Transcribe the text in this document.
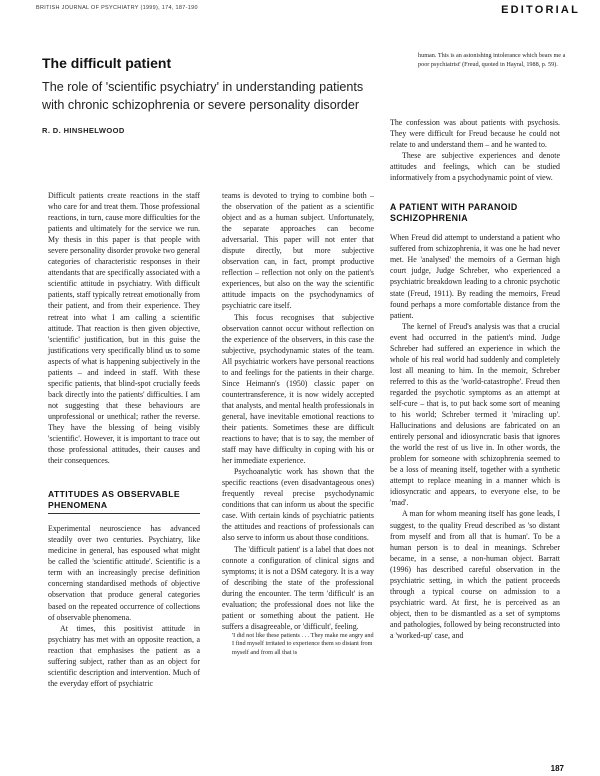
BRITISH JOURNAL OF PSYCHIATRY (1999), 174, 187-190	EDITORIAL
The difficult patient
The role of 'scientific psychiatry' in understanding patients with chronic schizophrenia or severe personality disorder
R. D. HINSHELWOOD
human. This is an astonishing intolerance which bears me a poor psychiatrist' (Freud, quoted in Hayral, 1988, p. 59).

Difficult patients create reactions in the staff who care for and treat them. Those professional reactions, in turn, cause more difficulties for the patients and ultimately for the service we run. My thesis in this paper is that people with severe personality disorder provoke two general categories of characteristic responses in their attendants that are specifically associated with a scientific attitude in psychiatry. With difficult patients, staff typically retreat emotionally from their patient, and from their experience. They retreat into what I am calling a scientific attitude. That reaction is then given objective, 'scientific' justification, but in this guise the justifications very specifically blind us to some aspects of what is happening subjectively in the patients – and indeed in staff. With these specific patients, that blind-spot crucially feeds back directly into the patients' difficulties. I am not suggesting that these behaviours are unprofessional or unethical; rather the reverse. They have the blessing of being visibly 'scientific'. However, it is important to trace out those professional attitudes, their causes and their consequences.

ATTITUDES AS OBSERVABLE PHENOMENA

Experimental neuroscience has advanced steadily over two centuries. Psychiatry, like medicine in general, has espoused what might be called the 'scientific attitude'. Scientific is a term with an increasingly precise definition concerning standardised methods of objective observation that produce general categories based on the repeated occurrence of collections of observable phenomena.

At times, this positivist attitude in psychiatry has met with an opposite reaction, a reaction that emphasises the patient as a suffering subject, rather than as an object for scientific description and intervention. Much of the everyday effort of psychiatric

teams is devoted to trying to combine both – the observation of the patient as a scientific object and as a human subject. Unfortunately, the separate approaches can become adversarial. This paper will not enter that dispute directly, but more subjective observation can, in fact, prompt productive reflection – reflection not only on the patient's experiences, but also on the way the scientific attitude impacts on the psychodynamics of psychiatric care itself.

This focus recognises that subjective observation cannot occur without reflection on the experience of the observers, in this case the subjective, psychodynamic states of the team. All psychiatric workers have personal reactions to and feelings for the patients in their charge. Since Heimann's (1950) classic paper on countertransference, it is now widely accepted that analysts, and mental health professionals in general, have inevitable emotional reactions to their patients. Sometimes these are difficult reactions to have; that is to say, the member of staff may have difficulty in coping with his or her immediate experience.

Psychoanalytic work has shown that the specific reactions (even disadvantageous ones) frequently reveal precise psychodynamic conditions that can inform us about the specific case. With certain kinds of psychiatric patients the attitudes and reactions of professionals can also serve to inform us about those conditions.

The 'difficult patient' is a label that does not connote a configuration of clinical signs and symptoms; it is not a DSM category. It is a way of describing the state of the professional during the encounter. The term 'difficult' is an evaluation; the professional does not like the patient or something about the patient. He suffers a disagreeable, or 'difficult', feeling.

'I did not like these patients . . . They make me angry and I find myself irritated to experience them so distant from myself and from all that is

The confession was about patients with psychosis. They were difficult for Freud because he could not relate to and understand them – and he wanted to.

These are subjective experiences and denote attitudes and feelings, which can be studied informatively from a psychodynamic point of view.

A PATIENT WITH PARANOID SCHIZOPHRENIA

When Freud did attempt to understand a patient who suffered from schizophrenia, it was one he had never met. He 'analysed' the memoirs of a German high court judge, Judge Schreber, who experienced a psychiatric breakdown leading to a chronic psychotic state (Freud, 1911). By reading the memoirs, Freud found perhaps a more comfortable distance from the patient.

The kernel of Freud's analysis was that a crucial event had occurred in the patient's mind. Judge Schreber had suffered an experience in which the whole of his real world had suddenly and completely lost all meaning to him. In the memoir, Schreber referred to this as the 'world-catastrophe'. Freud then regarded the psychotic symptoms as an attempt at self-cure – that is, to put back some sort of meaning to his world; Schreber termed it 'miracling up'. Hallucinations and delusions are fabricated on an entirely personal and idiosyncratic basis that ignores the world the rest of us live in. In other words, the problem for someone with schizophrenia seemed to be a loss of meaning itself, together with a synthetic attempt to replace meaning in a manner which is idiosyncratic and appears, to everyone else, to be 'mad'.

A man for whom meaning itself has gone leads, I suggest, to the quality Freud described as 'so distant from myself and from all that is human'. To be a human person is to deal in meanings. Schreber became, in a sense, a non-human object. Barratt (1996) has described careful observation in the psychiatric setting, in which the patient proceeds through a typical course on admission to a psychiatric ward. At first, he is perceived as an object, then to be dismantled as a set of symptoms and pathologies, followed by being reconstructed into a 'worked-up' case, and

187
